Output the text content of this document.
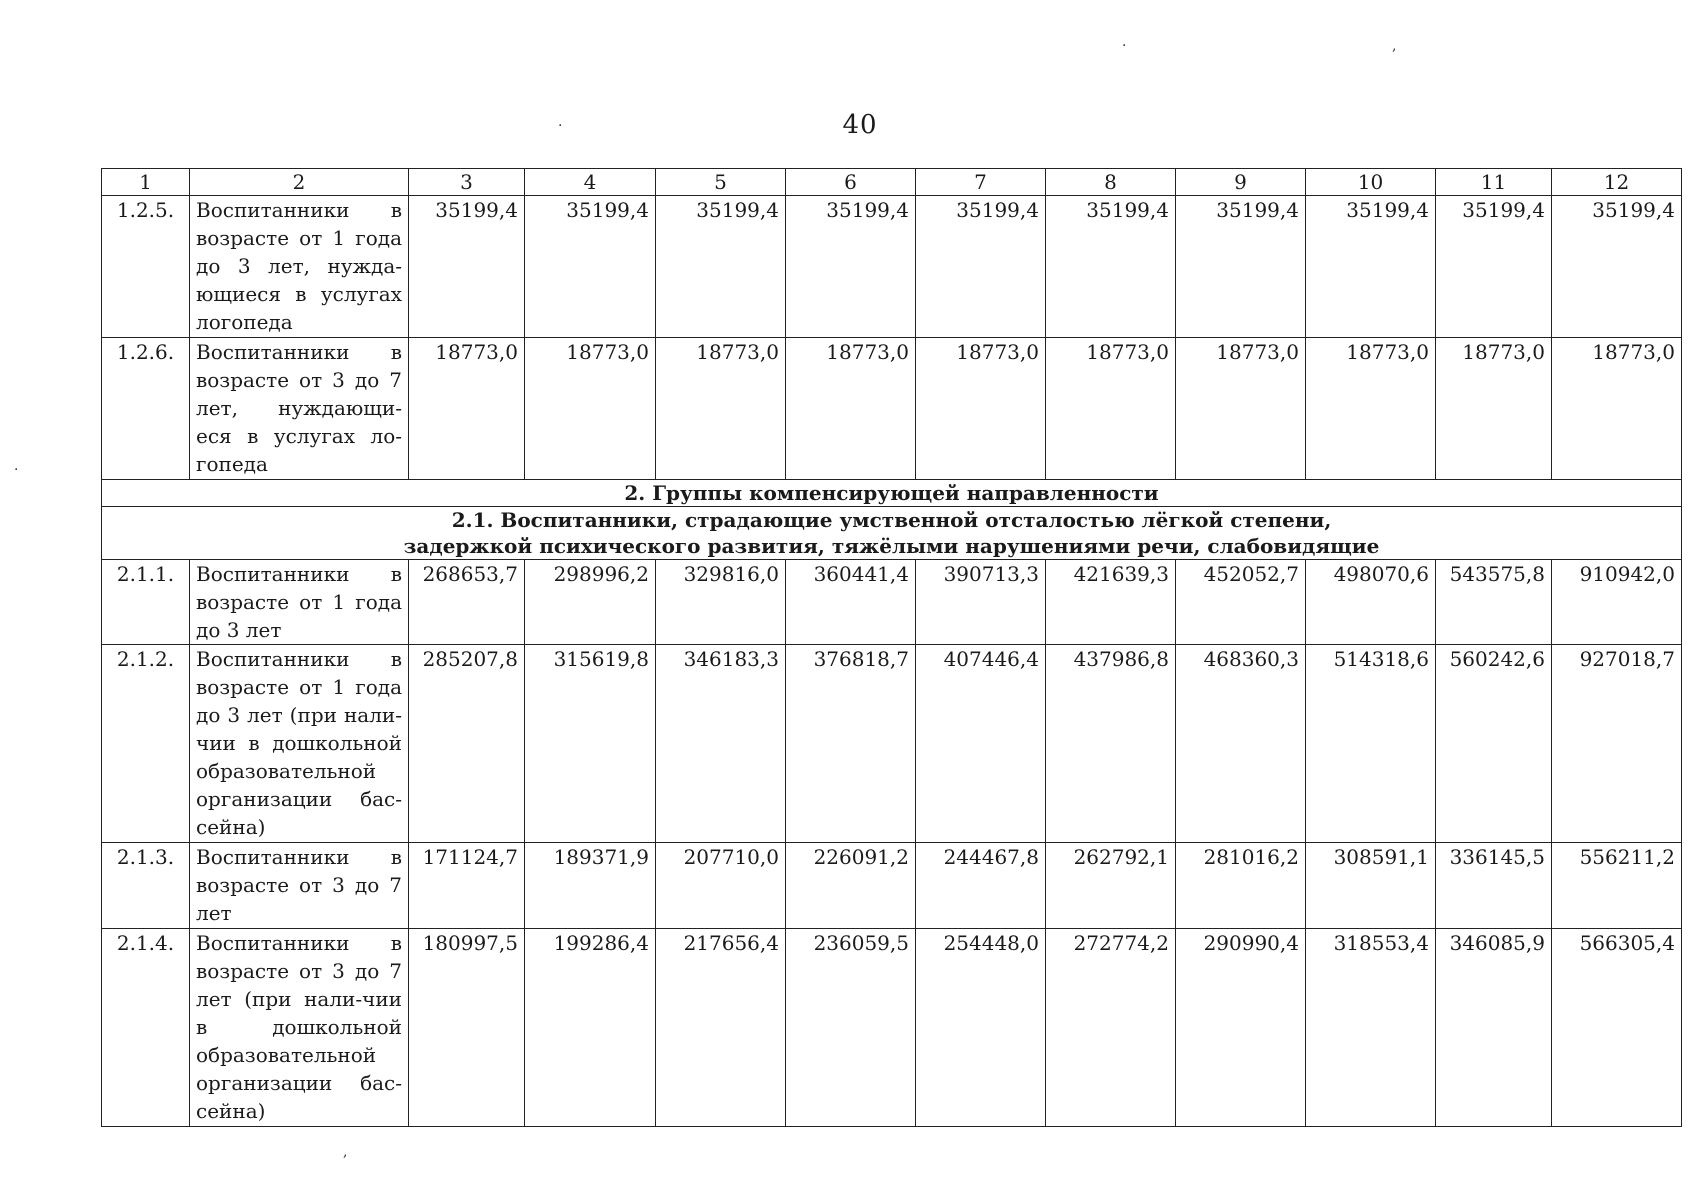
40
·	,
.
·
,
1	2	3	4	5	6	7	8	9	10	11	12
1.2.5.	Воспитанники в возрасте от 1 года до 3 лет, нужда-ющиеся в услугах логопеда	35199,4	35199,4	35199,4	35199,4	35199,4	35199,4	35199,4	35199,4	35199,4	35199,4
1.2.6.	Воспитанники в возрасте от 3 до 7 лет, нуждающи-еся в услугах ло-гопеда	18773,0	18773,0	18773,0	18773,0	18773,0	18773,0	18773,0	18773,0	18773,0	18773,0
2. Группы компенсирующей направленности											

2.1. Воспитанники, страдающие умственной отсталостью лёгкой степени,
задержкой психического развития, тяжёлыми нарушениями речи, слабовидящие											

2.1.1.	Воспитанники в возрасте от 1 года до 3 лет	268653,7	298996,2	329816,0	360441,4	390713,3	421639,3	452052,7	498070,6	543575,8	910942,0
2.1.2.	Воспитанники в возрасте от 1 года до 3 лет (при нали-чии в дошкольной образовательной организации бас-сейна)	285207,8	315619,8	346183,3	376818,7	407446,4	437986,8	468360,3	514318,6	560242,6	927018,7
2.1.3.	Воспитанники в возрасте от 3 до 7 лет	171124,7	189371,9	207710,0	226091,2	244467,8	262792,1	281016,2	308591,1	336145,5	556211,2
2.1.4.	Воспитанники в возрасте от 3 до 7 лет (при нали-чии в дошкольной образовательной организации бас-сейна)	180997,5	199286,4	217656,4	236059,5	254448,0	272774,2	290990,4	318553,4	346085,9	566305,4
